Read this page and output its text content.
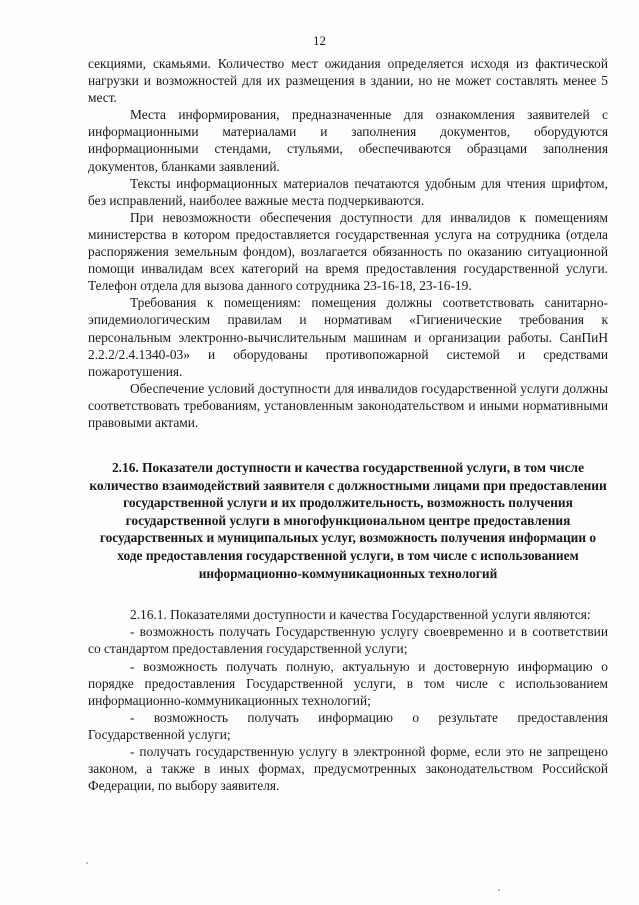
12

секциями, скамьями. Количество мест ожидания определяется исходя из фактической нагрузки и возможностей для их размещения в здании, но не может составлять менее 5 мест.

Места информирования, предназначенные для ознакомления заявителей с информационными материалами и заполнения документов, оборудуются информационными стендами, стульями, обеспечиваются образцами заполнения документов, бланками заявлений.

Тексты информационных материалов печатаются удобным для чтения шрифтом, без исправлений, наиболее важные места подчеркиваются.

При невозможности обеспечения доступности для инвалидов к помещениям министерства в котором предоставляется государственная услуга на сотрудника (отдела распоряжения земельным фондом), возлагается обязанность по оказанию ситуационной помощи инвалидам всех категорий на время предоставления государственной услуги. Телефон отдела для вызова данного сотрудника 23-16-18, 23-16-19.

Требования к помещениям: помещения должны соответствовать санитарно-эпидемиологическим правилам и нормативам «Гигиенические требования к персональным электронно-вычислительным машинам и организации работы. СанПиН 2.2.2/2.4.1340-03» и оборудованы противопожарной системой и средствами пожаротушения.

Обеспечение условий доступности для инвалидов государственной услуги должны соответствовать требованиям, установленным законодательством и иными нормативными правовыми актами.

2.16. Показатели доступности и качества государственной услуги, в том числе количество взаимодействий заявителя с должностными лицами при предоставлении государственной услуги и их продолжительность, возможность получения государственной услуги в многофункциональном центре предоставления государственных и муниципальных услуг, возможность получения информации о ходе предоставления государственной услуги, в том числе с использованием информационно-коммуникационных технологий

2.16.1. Показателями доступности и качества Государственной услуги являются:

- возможность получать Государственную услугу своевременно и в соответствии со стандартом предоставления государственной услуги;

- возможность получать полную, актуальную и достоверную информацию о порядке предоставления Государственной услуги, в том числе с использованием информационно-коммуникационных технологий;

- возможность получать информацию о результате предоставления Государственной услуги;

- получать государственную услугу в электронной форме, если это не запрещено законом, а также в иных формах, предусмотренных законодательством Российской Федерации, по выбору заявителя.
